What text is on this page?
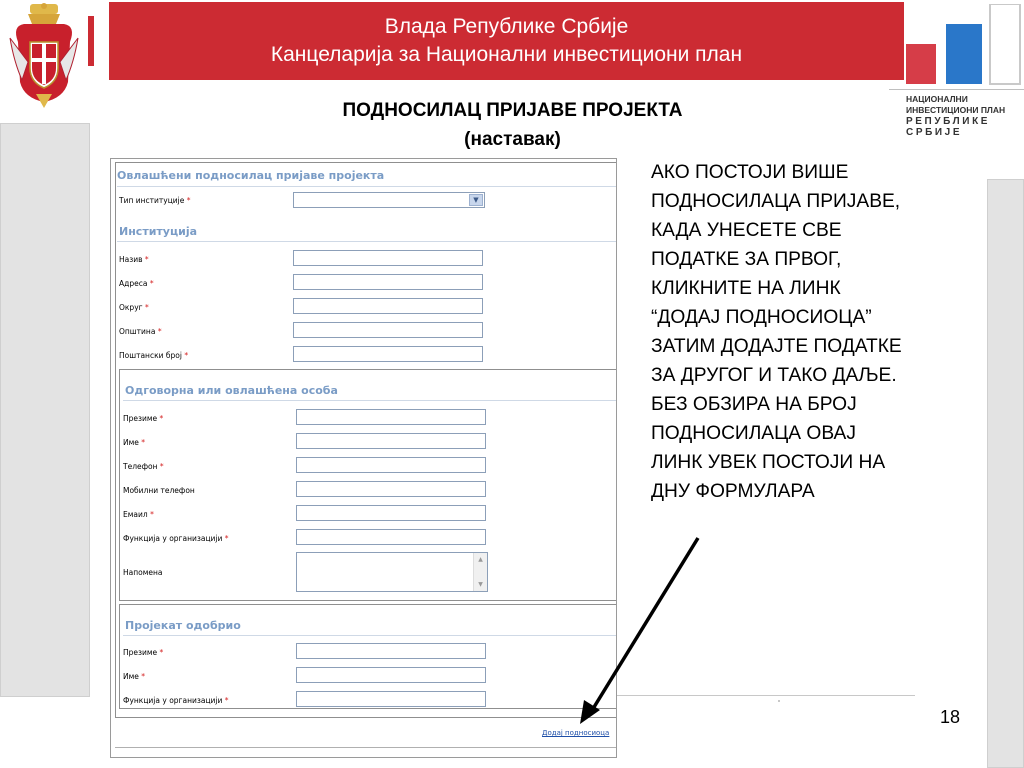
Влада Републике Србије
Канцеларија за Национални инвестициони план
НАЦИОНАЛНИ ИНВЕСТИЦИОНИ ПЛАН
РЕПУБЛИКЕ СРБИЈЕ
ПОДНОСИЛАЦ ПРИЈАВЕ ПРОЈЕКТА
(наставак)
Овлашћени подносилац пријаве пројекта
Тип институције *	▼
Институција
Назив *
Адреса *
Округ *
Општина *
Поштански број *
Одговорна или овлашћена особа
Презиме *
Име *
Телефон *
Мобилни телефон
Емаил *
Функција у организацији *
Напомена
▲
▼
Пројекат одобрио
Презиме *
Име *
Функција у организацији *
Додај подносиоца
АКО ПОСТОЈИ ВИШЕ
ПОДНОСИЛАЦА ПРИЈАВЕ,
КАДА УНЕСЕТЕ СВЕ
ПОДАТКЕ ЗА ПРВОГ,
КЛИКНИТЕ НА ЛИНК
“ДОДАЈ ПОДНОСИОЦА”
ЗАТИМ ДОДАЈТЕ ПОДАТКЕ
ЗА ДРУГОГ И ТАКО ДАЉЕ.
БЕЗ ОБЗИРА НА БРОЈ
ПОДНОСИЛАЦА ОВАЈ
ЛИНК УВЕК ПОСТОЈИ НА
ДНУ ФОРМУЛАРА
18
